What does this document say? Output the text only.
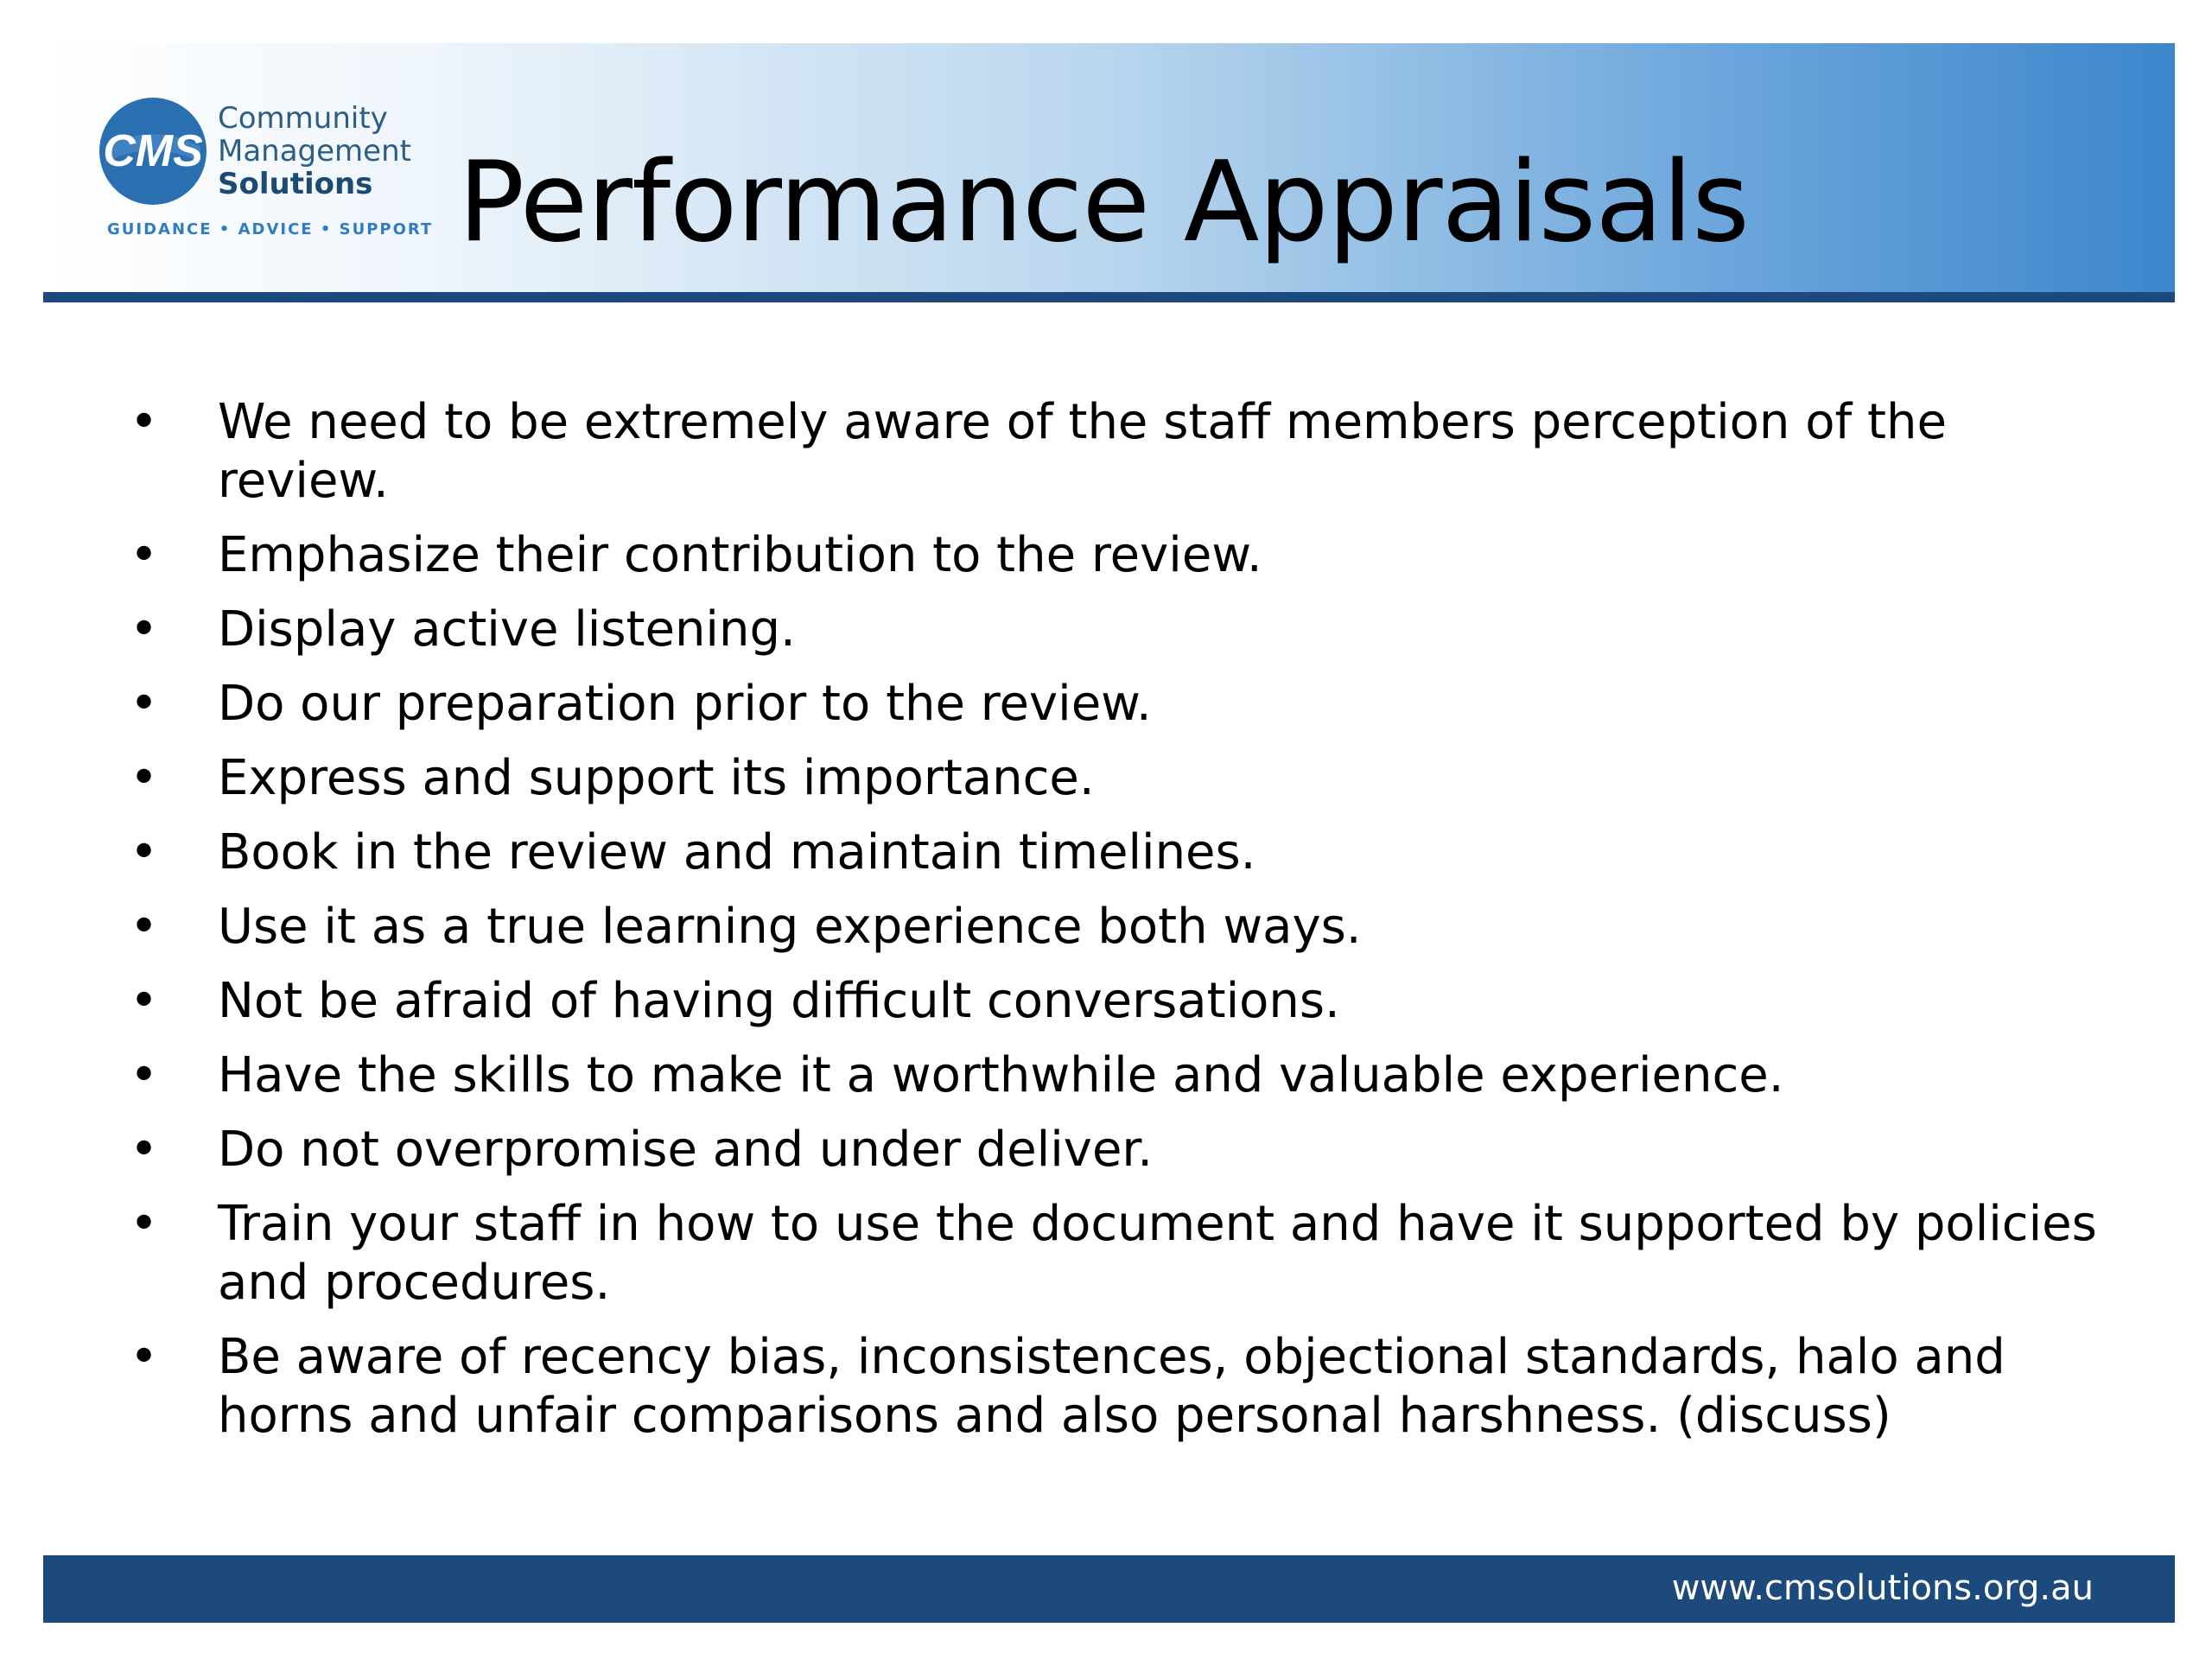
CMS
Community
Management
Solutions
GUIDANCE • ADVICE • SUPPORT Performance Appraisals
• We need to be extremely aware of the staff members perception of the review.
• Emphasize their contribution to the review.
• Display active listening.
• Do our preparation prior to the review.
• Express and support its importance.
• Book in the review and maintain timelines.
• Use it as a true learning experience both ways.
• Not be afraid of having difficult conversations.
• Have the skills to make it a worthwhile and valuable experience.
• Do not overpromise and under deliver.
• Train your staff in how to use the document and have it supported by policies and procedures.
• Be aware of recency bias, inconsistences, objectional standards, halo and horns and unfair comparisons and also personal harshness. (discuss)
www.cmsolutions.org.au
